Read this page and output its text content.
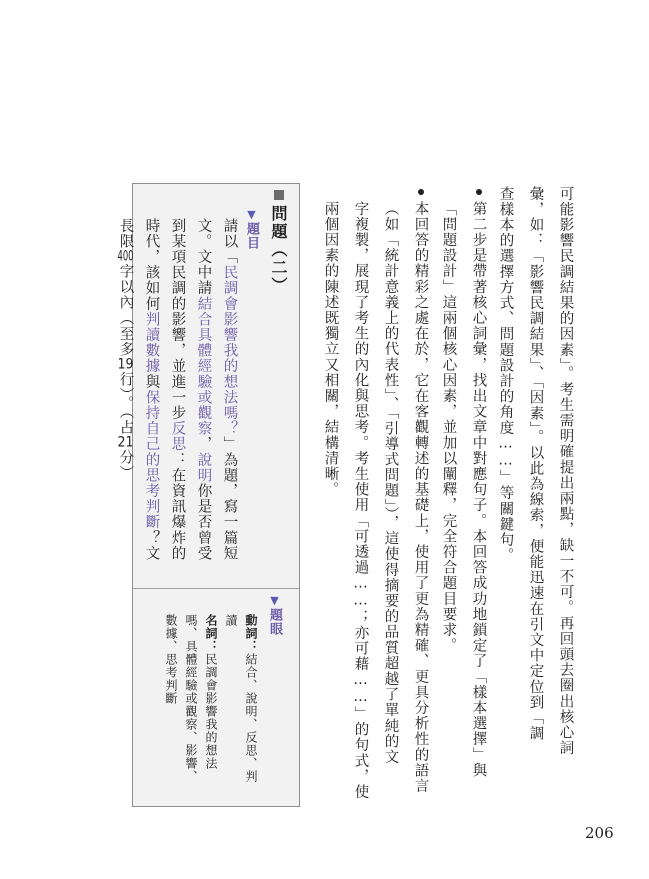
可能影響民調結果的因素」。考生需明確提出兩點，缺一不可。再回頭去圈出核心詞
彙，如：「影響民調結果」、「因素」。以此為線索，便能迅速在引文中定位到「調
查樣本的選擇方式、問題設計的角度……」等關鍵句。
第二步是帶著核心詞彙，找出文章中對應句子。本回答成功地鎖定了「樣本選擇」與
「問題設計」這兩個核心因素，並加以闡釋，完全符合題目要求。
本回答的精彩之處在於，它在客觀轉述的基礎上，使用了更為精確、更具分析性的語言
（如「統計意義上的代表性」、「引導式問題」），這使得摘要的品質超越了單純的文
字複製，展現了考生的內化與思考。考生使用「可透過……；亦可藉……」的句式，使
兩個因素的陳述既獨立又相關，結構清晰。
問題（二）
▼題目
請以「民調會影響我的想法嗎？」為題，寫一篇短
文。文中請結合具體經驗或觀察，說明你是否曾受
到某項民調的影響，並進一步反思：在資訊爆炸的
時代，該如何判讀數據與保持自己的思考判斷？文
長限400字以內（至多19行）。（占21分）
▼題眼
動詞：結合、說明、反思、判
讀
名詞：民調會影響我的想法
嗎、具體經驗或觀察、影響、
數據、思考判斷
206
